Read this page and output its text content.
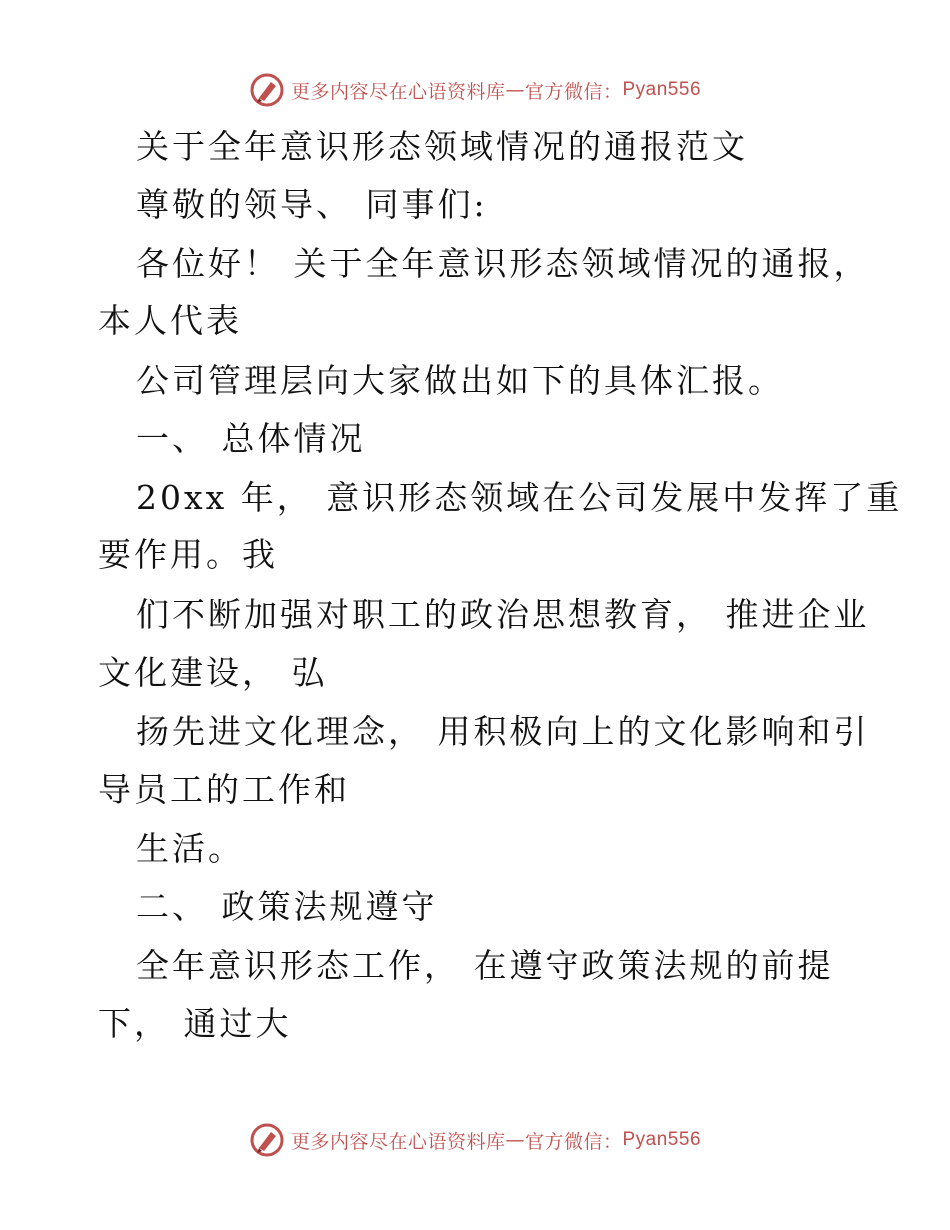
更多内容尽在心语资料库 — 官方微信： Pyan556
关于全年意识形态领域情况的通报范文
尊敬的领导、 同事们:
各位好！ 关于全年意识形态领域情况的通报，
本人代表
公司管理层向大家做出如下的具体汇报。
一、 总体情况
20xx 年， 意识形态领域在公司发展中发挥了重
要作用。我
们不断加强对职工的政治思想教育， 推进企业
文化建设， 弘
扬先进文化理念， 用积极向上的文化影响和引
导员工的工作和
生活。
二、 政策法规遵守
全年意识形态工作， 在遵守政策法规的前提
下， 通过大
更多内容尽在心语资料库 — 官方微信： Pyan556
